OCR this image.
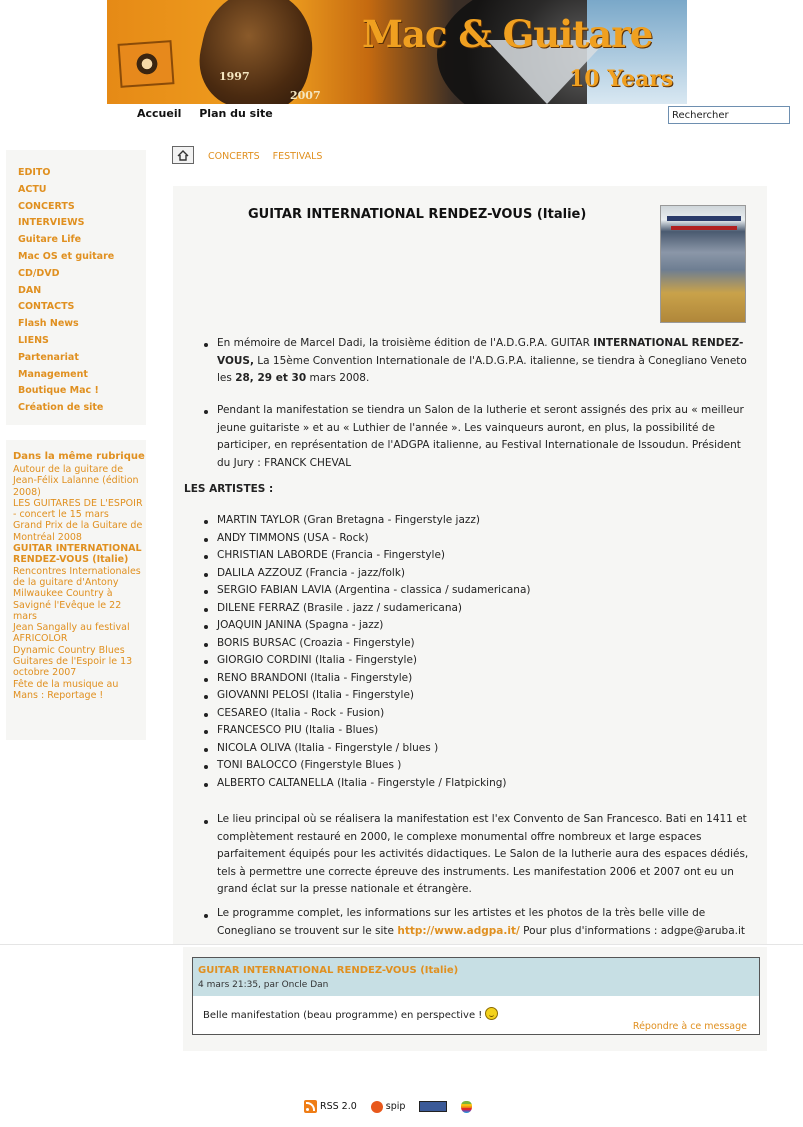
1997
2007
Mac & Guitare
10 Years
Accueil Plan du site
Rechercher
EDITO
ACTU
CONCERTS
INTERVIEWS
Guitare Life
Mac OS et guitare
CD/DVD
DAN
CONTACTS
Flash News
LIENS
Partenariat
Management
Boutique Mac !
Création de site
Dans la même rubrique
Autour de la guitare de Jean-Félix Lalanne (édition 2008)
LES GUITARES DE L'ESPOIR - concert le 15 mars
Grand Prix de la Guitare de Montréal 2008
GUITAR INTERNATIONAL RENDEZ-VOUS (Italie)
Rencontres Internationales de la guitare d'Antony
Milwaukee Country à Savigné l'Evêque le 22 mars
Jean Sangally au festival AFRICOLOR
Dynamic Country Blues Guitares de l'Espoir le 13 octobre 2007
Fête de la musique au Mans : Reportage !
CONCERTS FESTIVALS
GUITAR INTERNATIONAL RENDEZ-VOUS (Italie)
En mémoire de Marcel Dadi, la troisième édition de l'A.D.G.P.A. GUITAR INTERNATIONAL RENDEZ-VOUS, La 15ème Convention Internationale de l'A.D.G.P.A. italienne, se tiendra à Conegliano Veneto les 28, 29 et 30 mars 2008.
Pendant la manifestation se tiendra un Salon de la lutherie et seront assignés des prix au « meilleur jeune guitariste » et au « Luthier de l'année ». Les vainqueurs auront, en plus, la possibilité de participer, en représentation de l'ADGPA italienne, au Festival Internationale de Issoudun. Président du Jury : FRANCK CHEVAL
LES ARTISTES :
MARTIN TAYLOR (Gran Bretagna - Fingerstyle jazz)
ANDY TIMMONS (USA - Rock)
CHRISTIAN LABORDE (Francia - Fingerstyle)
DALILA AZZOUZ (Francia - jazz/folk)
SERGIO FABIAN LAVIA (Argentina - classica / sudamericana)
DILENE FERRAZ (Brasile . jazz / sudamericana)
JOAQUIN JANINA (Spagna - jazz)
BORIS BURSAC (Croazia - Fingerstyle)
GIORGIO CORDINI (Italia - Fingerstyle)
RENO BRANDONI (Italia - Fingerstyle)
GIOVANNI PELOSI (Italia - Fingerstyle)
CESAREO (Italia - Rock - Fusion)
FRANCESCO PIU (Italia - Blues)
NICOLA OLIVA (Italia - Fingerstyle / blues )
TONI BALOCCO (Fingerstyle Blues )
ALBERTO CALTANELLA (Italia - Fingerstyle / Flatpicking)
Le lieu principal où se réalisera la manifestation est l'ex Convento de San Francesco. Bati en 1411 et complètement restauré en 2000, le complexe monumental offre nombreux et large espaces parfaitement équipés pour les activités didactiques. Le Salon de la lutherie aura des espaces dédiés, tels à permettre une correcte épreuve des instruments. Les manifestation 2006 et 2007 ont eu un grand éclat sur la presse nationale et étrangère.
Le programme complet, les informations sur les artistes et les photos de la très belle ville de Conegliano se trouvent sur le site http://www.adgpa.it/ Pour plus d'informations : adgpe@aruba.it
GUITAR INTERNATIONAL RENDEZ-VOUS (Italie)
4 mars 21:35, par Oncle Dan
Belle manifestation (beau programme) en perspective !
Répondre à ce message
RSS 2.0	spip
